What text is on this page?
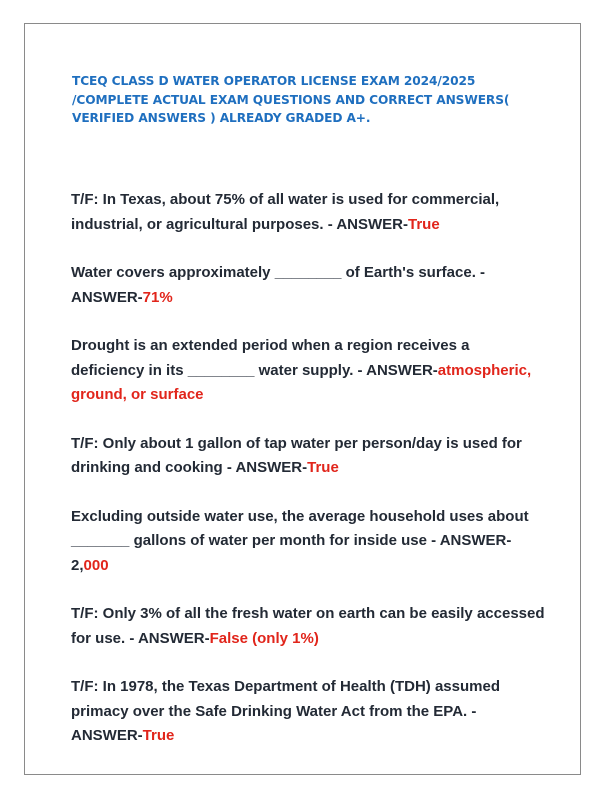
TCEQ CLASS D WATER OPERATOR LICENSE EXAM 2024/2025 /COMPLETE ACTUAL EXAM QUESTIONS AND CORRECT ANSWERS( VERIFIED ANSWERS ) ALREADY GRADED A+.
T/F: In Texas, about 75% of all water is used for commercial, industrial, or agricultural purposes. - ANSWER-True
Water covers approximately ________ of Earth's surface. - ANSWER-71%
Drought is an extended period when a region receives a deficiency in its ________ water supply. - ANSWER-atmospheric, ground, or surface
T/F: Only about 1 gallon of tap water per person/day is used for drinking and cooking - ANSWER-True
Excluding outside water use, the average household uses about _______ gallons of water per month for inside use - ANSWER-2,000
T/F: Only 3% of all the fresh water on earth can be easily accessed for use. - ANSWER-False (only 1%)
T/F: In 1978, the Texas Department of Health (TDH) assumed primacy over the Safe Drinking Water Act from the EPA. - ANSWER-True
